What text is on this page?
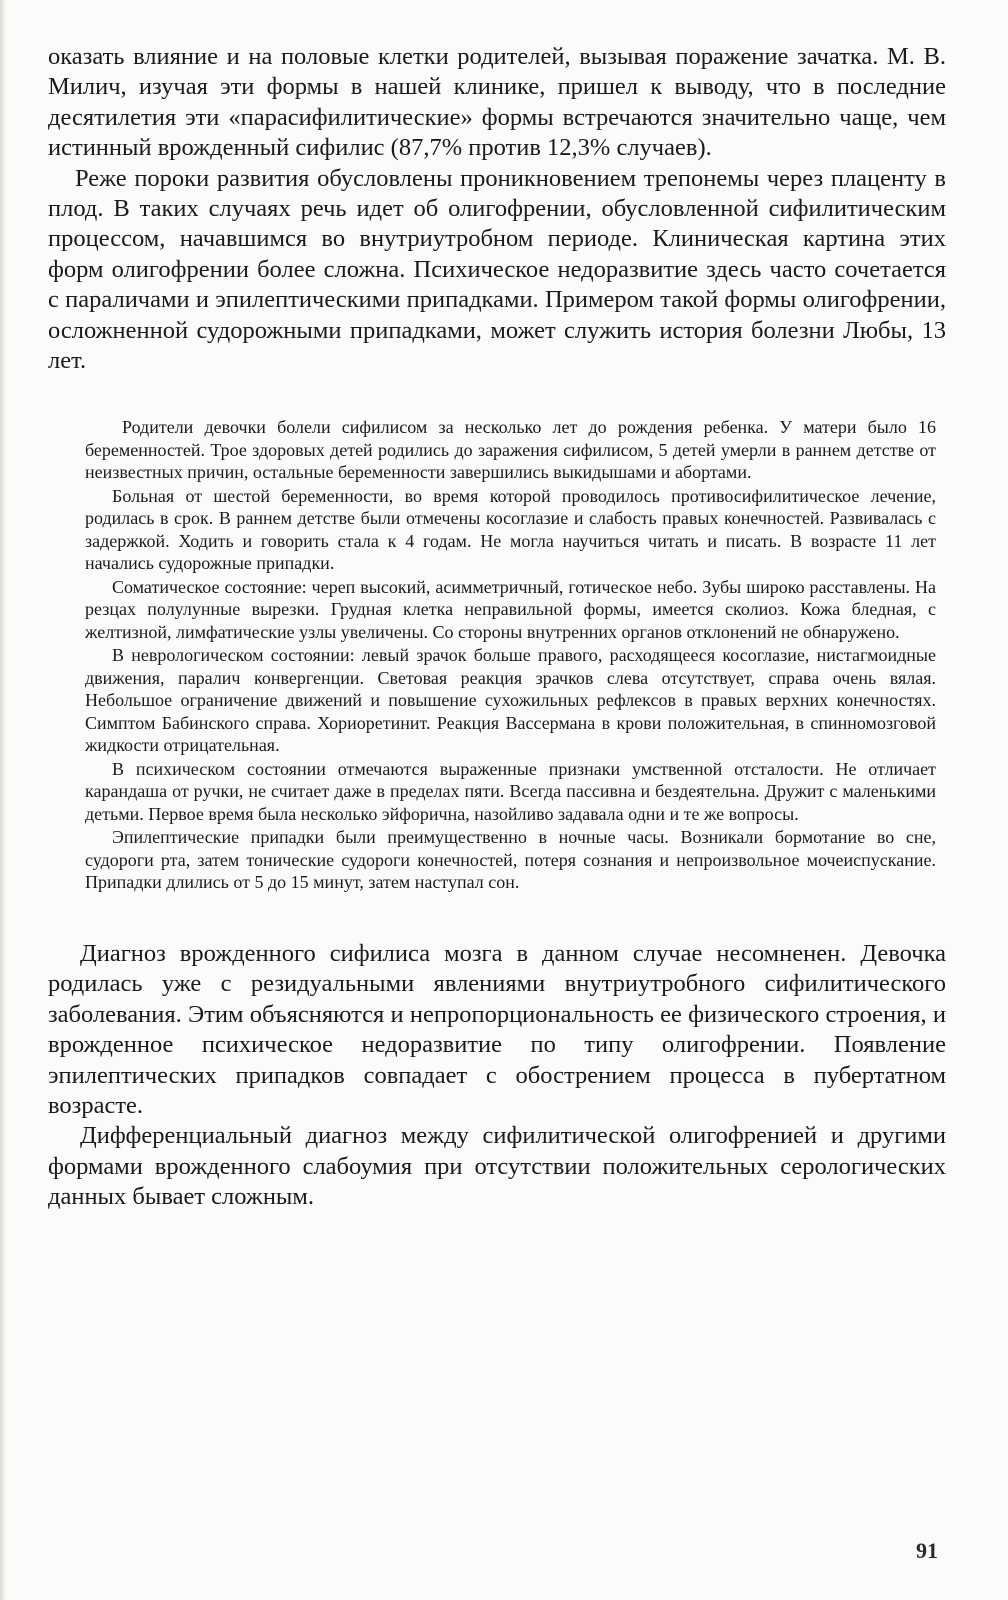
оказать влияние и на половые клетки родителей, вызывая поражение зачатка. М. В. Милич, изучая эти формы в нашей клинике, пришел к выводу, что в последние десятилетия эти «парасифилитические» формы встречаются значительно чаще, чем истинный врожденный сифилис (87,7% против 12,3% случаев).

Реже пороки развития обусловлены проникновением трепонемы через плаценту в плод. В таких случаях речь идет об олигофрении, обусловленной сифилитическим процессом, начавшимся во внутриутробном периоде. Клиническая картина этих форм олигофрении более сложна. Психическое недоразвитие здесь часто сочетается с параличами и эпилептическими припадками. Примером такой формы олигофрении, осложненной судорожными припадками, может служить история болезни Любы, 13 лет.

Родители девочки болели сифилисом за несколько лет до рождения ребенка. У матери было 16 беременностей. Трое здоровых детей родились до заражения сифилисом, 5 детей умерли в раннем детстве от неизвестных причин, остальные беременности завершились выкидышами и абортами.

Больная от шестой беременности, во время которой проводилось противосифилитическое лечение, родилась в срок. В раннем детстве были отмечены косоглазие и слабость правых конечностей. Развивалась с задержкой. Ходить и говорить стала к 4 годам. Не могла научиться читать и писать. В возрасте 11 лет начались судорожные припадки.

Соматическое состояние: череп высокий, асимметричный, готическое небо. Зубы широко расставлены. На резцах полулунные вырезки. Грудная клетка неправильной формы, имеется сколиоз. Кожа бледная, с желтизной, лимфатические узлы увеличены. Со стороны внутренних органов отклонений не обнаружено.

В неврологическом состоянии: левый зрачок больше правого, расходящееся косоглазие, нистагмоидные движения, паралич конвергенции. Световая реакция зрачков слева отсутствует, справа очень вялая. Небольшое ограничение движений и повышение сухожильных рефлексов в правых верхних конечностях. Симптом Бабинского справа. Хориоретинит. Реакция Вассермана в крови положительная, в спинномозговой жидкости отрицательная.

В психическом состоянии отмечаются выраженные признаки умственной отсталости. Не отличает карандаша от ручки, не считает даже в пределах пяти. Всегда пассивна и бездеятельна. Дружит с маленькими детьми. Первое время была несколько эйфорична, назойливо задавала одни и те же вопросы.

Эпилептические припадки были преимущественно в ночные часы. Возникали бормотание во сне, судороги рта, затем тонические судороги конечностей, потеря сознания и непроизвольное мочеиспускание. Припадки длились от 5 до 15 минут, затем наступал сон.

Диагноз врожденного сифилиса мозга в данном случае несомненен. Девочка родилась уже с резидуальными явлениями внутриутробного сифилитического заболевания. Этим объясняются и непропорциональность ее физического строения, и врожденное психическое недоразвитие по типу олигофрении. Появление эпилептических припадков совпадает с обострением процесса в пубертатном возрасте.

Дифференциальный диагноз между сифилитической олигофренией и другими формами врожденного слабоумия при отсутствии положительных серологических данных бывает сложным.

91
